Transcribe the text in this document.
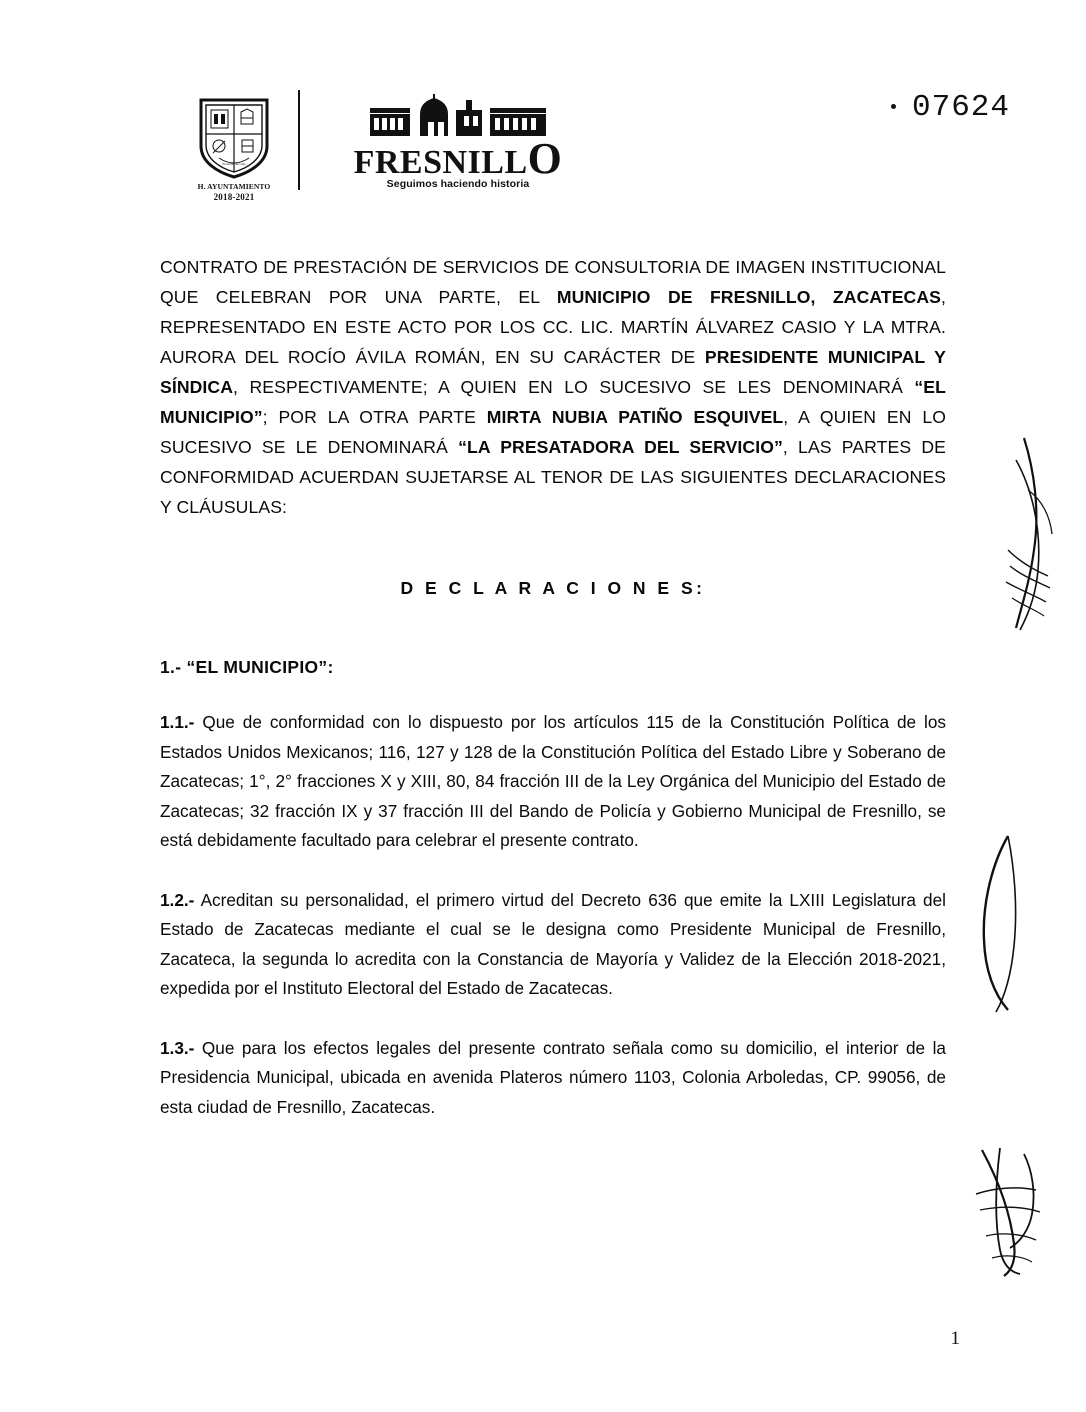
Fresnillo de Gzlz
H. AYUNTAMIENTO
2018-2021
FRESNILLO
Seguimos haciendo historia
07624

CONTRATO DE PRESTACIÓN DE SERVICIOS DE CONSULTORIA DE IMAGEN INSTITUCIONAL QUE CELEBRAN POR UNA PARTE, EL MUNICIPIO DE FRESNILLO, ZACATECAS, REPRESENTADO EN ESTE ACTO POR LOS CC. LIC. MARTÍN ÁLVAREZ CASIO Y LA MTRA. AURORA DEL ROCÍO ÁVILA ROMÁN, EN SU CARÁCTER DE PRESIDENTE MUNICIPAL Y SÍNDICA, RESPECTIVAMENTE; A QUIEN EN LO SUCESIVO SE LES DENOMINARÁ “EL MUNICIPIO”; POR LA OTRA PARTE MIRTA NUBIA PATIÑO ESQUIVEL, A QUIEN EN LO SUCESIVO SE LE DENOMINARÁ “LA PRESATADORA DEL SERVICIO”, LAS PARTES DE CONFORMIDAD ACUERDAN SUJETARSE AL TENOR DE LAS SIGUIENTES DECLARACIONES Y CLÁUSULAS:

D E C L A R A C I O N E S:
1.- “EL MUNICIPIO”:

1.1.- Que de conformidad con lo dispuesto por los artículos 115 de la Constitución Política de los Estados Unidos Mexicanos; 116, 127 y 128 de la Constitución Política del Estado Libre y Soberano de Zacatecas; 1°, 2° fracciones X y XIII, 80, 84 fracción III de la Ley Orgánica del Municipio del Estado de Zacatecas; 32 fracción IX y 37 fracción III del Bando de Policía y Gobierno Municipal de Fresnillo, se está debidamente facultado para celebrar el presente contrato.

1.2.- Acreditan su personalidad, el primero virtud del Decreto 636 que emite la LXIII Legislatura del Estado de Zacatecas mediante el cual se le designa como Presidente Municipal de Fresnillo, Zacateca, la segunda lo acredita con la Constancia de Mayoría y Validez de la Elección 2018-2021, expedida por el Instituto Electoral del Estado de Zacatecas.

1.3.- Que para los efectos legales del presente contrato señala como su domicilio, el interior de la Presidencia Municipal, ubicada en avenida Plateros número 1103, Colonia Arboledas, CP. 99056, de esta ciudad de Fresnillo, Zacatecas.

1
